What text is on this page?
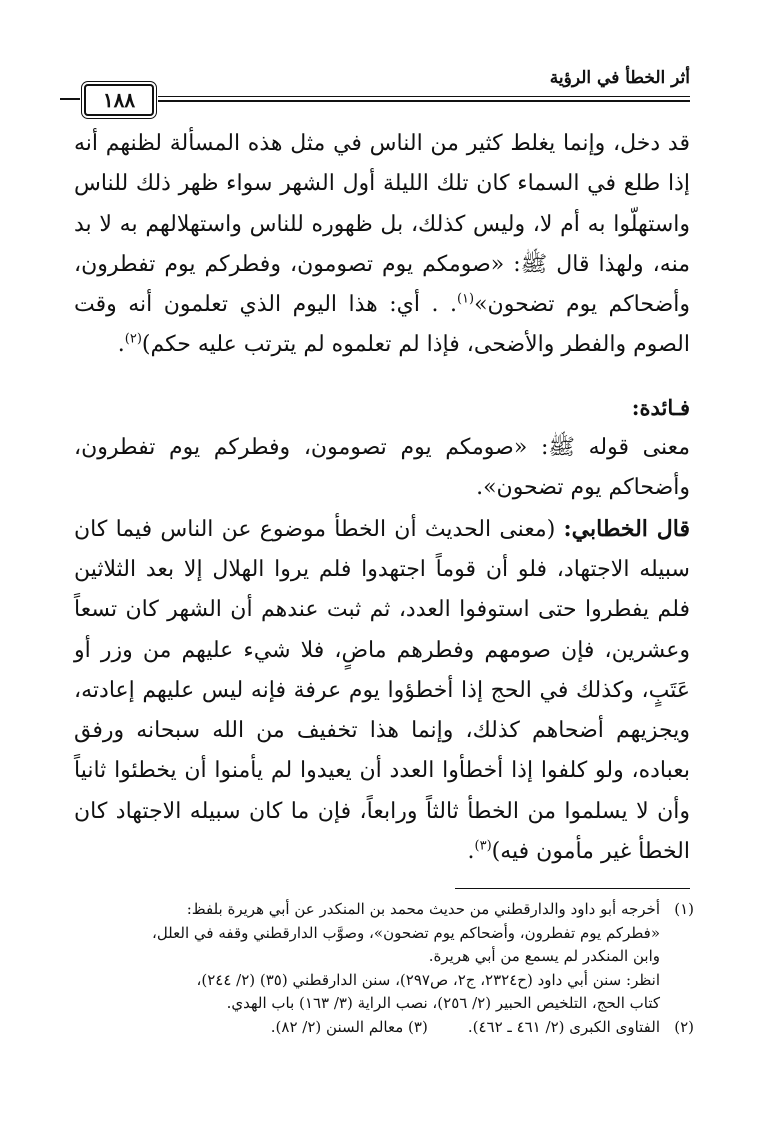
أثر الخطأ في الرؤية
١٨٨

قد دخل، وإنما يغلط كثير من الناس في مثل هذه المسألة لظنهم أنه إذا طلع في السماء كان تلك الليلة أول الشهر سواء ظهر ذلك للناس واستهلّوا به أم لا، وليس كذلك، بل ظهوره للناس واستهلالهم به لا بد منه، ولهذا قال ﷺ: «صومكم يوم تصومون، وفطركم يوم تفطرون، وأضحاكم يوم تضحون»$^{(١)}$. . أي: هذا اليوم الذي تعلمون أنه وقت الصوم والفطر والأضحى، فإذا لم تعلموه لم يترتب عليه حكم)$^{(٢)}$.

فـائدة:

معنى قوله ﷺ: «صومكم يوم تصومون، وفطركم يوم تفطرون، وأضحاكم يوم تضحون».

قال الخطابي: (معنى الحديث أن الخطأ موضوع عن الناس فيما كان سبيله الاجتهاد، فلو أن قوماً اجتهدوا فلم يروا الهلال إلا بعد الثلاثين فلم يفطروا حتى استوفوا العدد، ثم ثبت عندهم أن الشهر كان تسعاً وعشرين، فإن صومهم وفطرهم ماضٍ، فلا شيء عليهم من وزر أو عَتَبٍ، وكذلك في الحج إذا أخطؤوا يوم عرفة فإنه ليس عليهم إعادته، ويجزيهم أضحاهم كذلك، وإنما هذا تخفيف من الله سبحانه ورفق بعباده، ولو كلفوا إذا أخطأوا العدد أن يعيدوا لم يأمنوا أن يخطئوا ثانياً وأن لا يسلموا من الخطأ ثالثاً ورابعاً، فإن ما كان سبيله الاجتهاد كان الخطأ غير مأمون فيه)$^{(٣)}$.

(١)أخرجه أبو داود والدارقطني من حديث محمد بن المنكدر عن أبي هريرة بلفظ:

«فطركم يوم تفطرون، وأضحاكم يوم تضحون»، وصوَّب الدارقطني وقفه في العلل،

وابن المنكدر لم يسمع من أبي هريرة.

انظر: سنن أبي داود (ح٢٣٢٤، ج٢، ص٢٩٧)، سنن الدارقطني (٣٥) (٢/ ٢٤٤)،

كتاب الحج، التلخيص الحبير (٢/ ٢٥٦)، نصب الراية (٣/ ١٦٣) باب الهدي.

(٢)الفتاوى الكبرى (٢/ ٤٦١ ـ ٤٦٢).(٣) معالم السنن (٢/ ٨٢).
